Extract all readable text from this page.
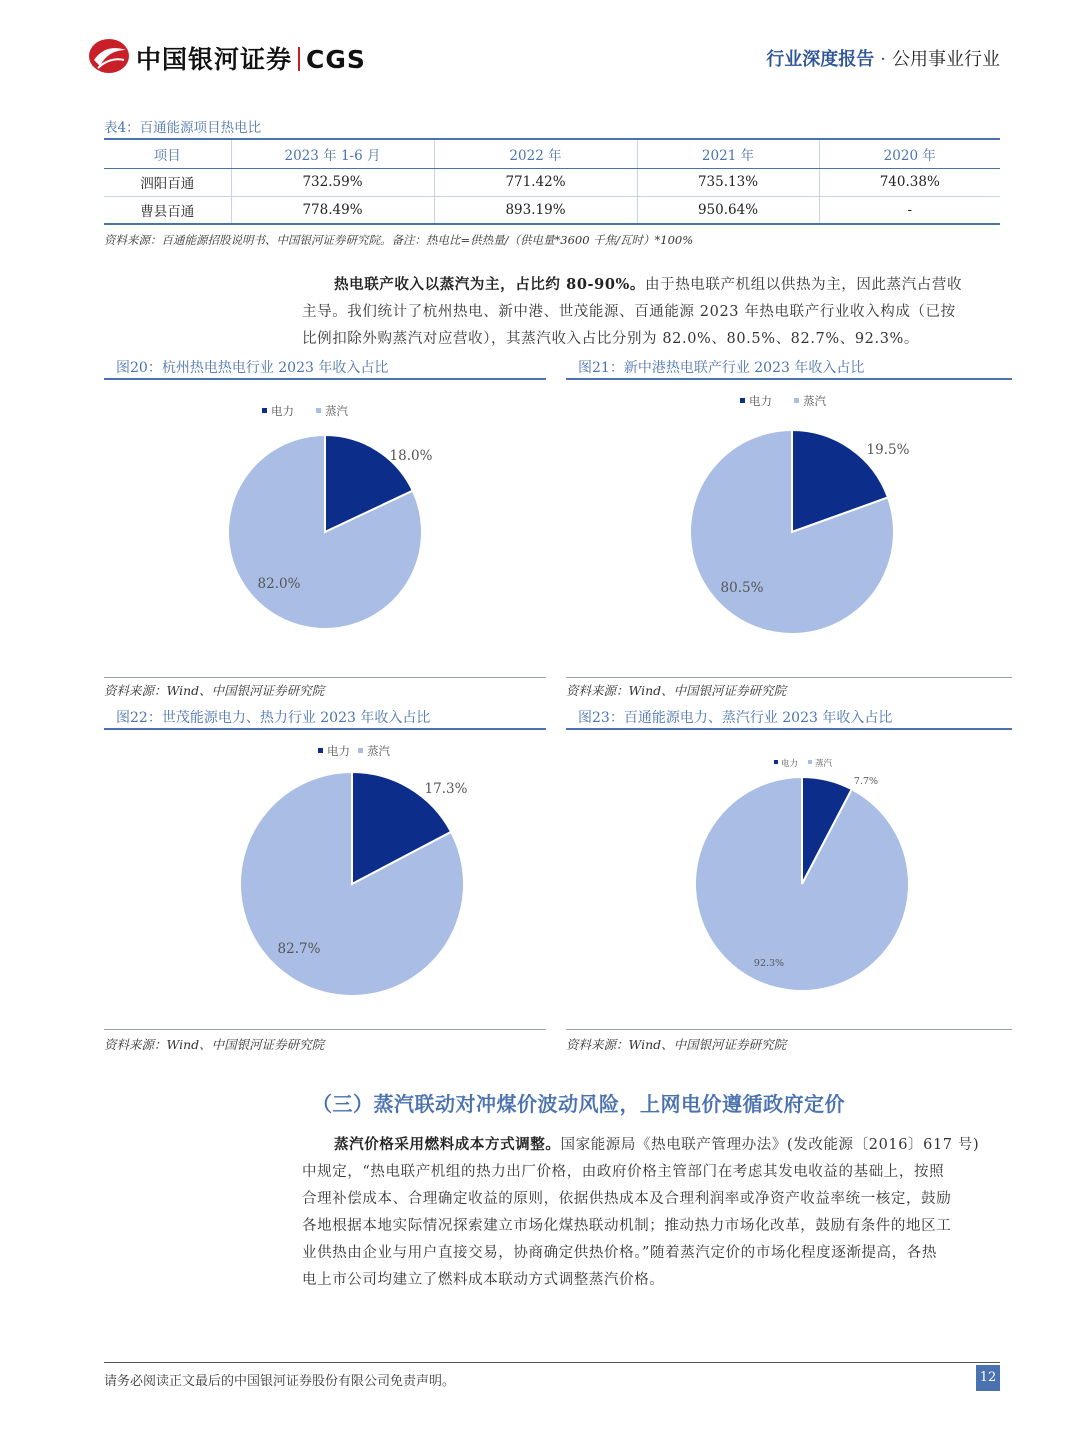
中国银河证券 CGS	行业深度报告 · 公用事业行业
表4：百通能源项目热电比
项目	2023 年 1-6 月	2022 年	2021 年	2020 年
泗阳百通	732.59%	771.42%	735.13%	740.38%
曹县百通	778.49%	893.19%	950.64%	-
资料来源：百通能源招股说明书、中国银河证券研究院。备注：热电比=供热量/（供电量*3600 千焦/瓦时）*100%
热电联产收入以蒸汽为主，占比约 80-90%。由于热电联产机组以供热为主，因此蒸汽占营收
主导。我们统计了杭州热电、新中港、世茂能源、百通能源 2023 年热电联产行业收入构成（已按
比例扣除外购蒸汽对应营收），其蒸汽收入占比分别为 82.0%、80.5%、82.7%、92.3%。
图20：杭州热电热电行业 2023 年收入占比
电力	蒸汽
18.0%
82.0%
19.5%
80.5%
17.3%
82.7%
7.7%
92.3%
资料来源：Wind、中国银河证券研究院
图21：新中港热电联产行业 2023 年收入占比
电力	蒸汽
资料来源：Wind、中国银河证券研究院
图22：世茂能源电力、热力行业 2023 年收入占比
电力 蒸汽
资料来源：Wind、中国银河证券研究院
图23：百通能源电力、蒸汽行业 2023 年收入占比
电力 蒸汽
资料来源：Wind、中国银河证券研究院
（三）蒸汽联动对冲煤价波动风险，上网电价遵循政府定价
蒸汽价格采用燃料成本方式调整。国家能源局《热电联产管理办法》(发改能源〔2016〕617 号)
中规定，“热电联产机组的热力出厂价格，由政府价格主管部门在考虑其发电收益的基础上，按照
合理补偿成本、合理确定收益的原则，依据供热成本及合理利润率或净资产收益率统一核定，鼓励
各地根据本地实际情况探索建立市场化煤热联动机制；推动热力市场化改革，鼓励有条件的地区工
业供热由企业与用户直接交易，协商确定供热价格。”随着蒸汽定价的市场化程度逐渐提高，各热
电上市公司均建立了燃料成本联动方式调整蒸汽价格。
请务必阅读正文最后的中国银河证券股份有限公司免责声明。	12
